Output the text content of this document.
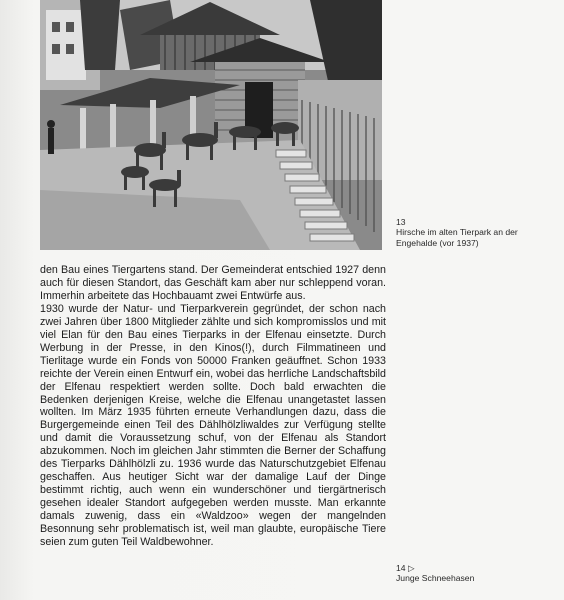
13
Hirsche im alten Tierpark an der Engehalde (vor 1937)

den Bau eines Tiergartens stand. Der Gemeinderat entschied 1927 denn auch für diesen Standort, das Geschäft kam aber nur schleppend voran. Immerhin arbeitete das Hochbauamt zwei Entwürfe aus.

1930 wurde der Natur- und Tierparkverein gegründet, der schon nach zwei Jahren über 1800 Mitglieder zählte und sich kompromisslos und mit viel Elan für den Bau eines Tierparks in der Elfenau einsetzte. Durch Werbung in der Presse, in den Kinos(!), durch Filmmatineen und Tierlitage wurde ein Fonds von 50000 Franken geäuffnet. Schon 1933 reichte der Verein einen Entwurf ein, wobei das herrliche Landschaftsbild der Elfenau respektiert werden sollte. Doch bald erwachten die Bedenken derjenigen Kreise, welche die Elfenau unangetastet lassen wollten. Im März 1935 führten erneute Verhandlungen dazu, dass die Burgergemeinde einen Teil des Dählhölzliwaldes zur Verfügung stellte und damit die Voraussetzung schuf, von der Elfenau als Standort abzukommen. Noch im gleichen Jahr stimmten die Berner der Schaffung des Tierparks Dählhölzli zu. 1936 wurde das Naturschutzgebiet Elfenau geschaffen. Aus heutiger Sicht war der damalige Lauf der Dinge bestimmt richtig, auch wenn ein wunderschöner und tiergärtnerisch gesehen idealer Standort aufgegeben werden musste. Man erkannte damals zuwenig, dass ein «Waldzoo» wegen der mangelnden Besonnung sehr problematisch ist, weil man glaubte, europäische Tiere seien zum guten Teil Waldbewohner.

14 ▷
Junge Schneehasen
